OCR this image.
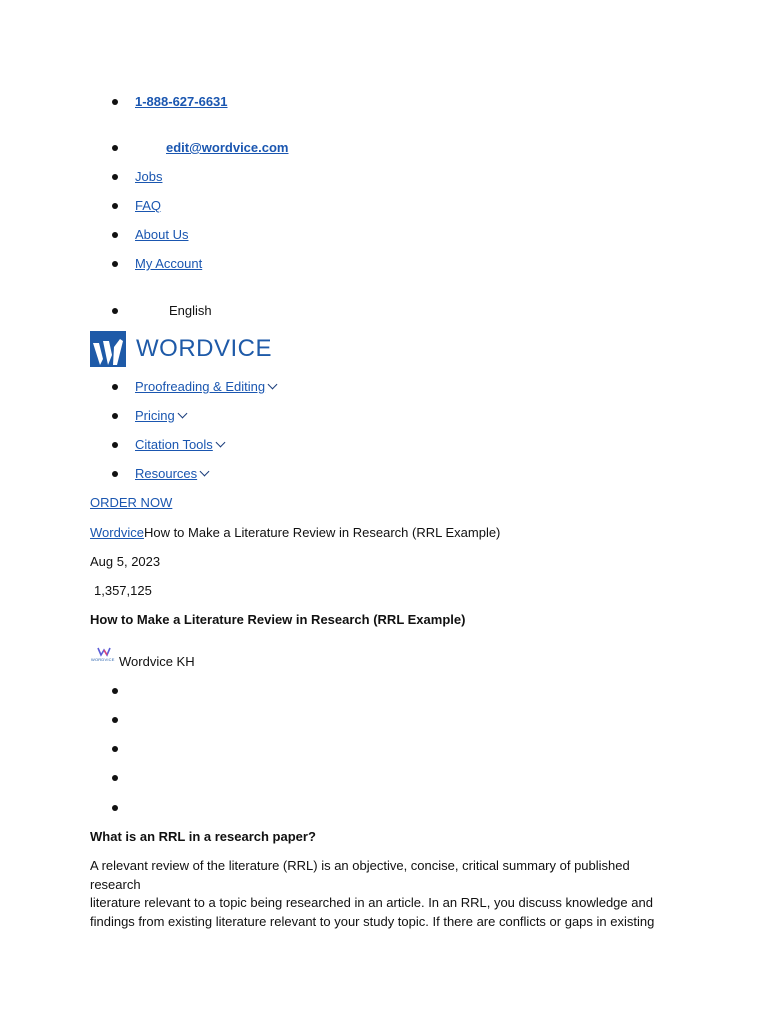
1-888-627-6631
edit@wordvice.com
Jobs
FAQ
About Us
My Account
English
WORDVICE
Proofreading & Editing
Pricing
Citation Tools
Resources
ORDER NOW
WordviceHow to Make a Literature Review in Research (RRL Example)
Aug 5, 2023
1,357,125
How to Make a Literature Review in Research (RRL Example)
WORDVICE Wordvice KH
What is an RRL in a research paper?
A relevant review of the literature (RRL) is an objective, concise, critical summary of published research
literature relevant to a topic being researched in an article. In an RRL, you discuss knowledge and
findings from existing literature relevant to your study topic. If there are conflicts or gaps in existing
